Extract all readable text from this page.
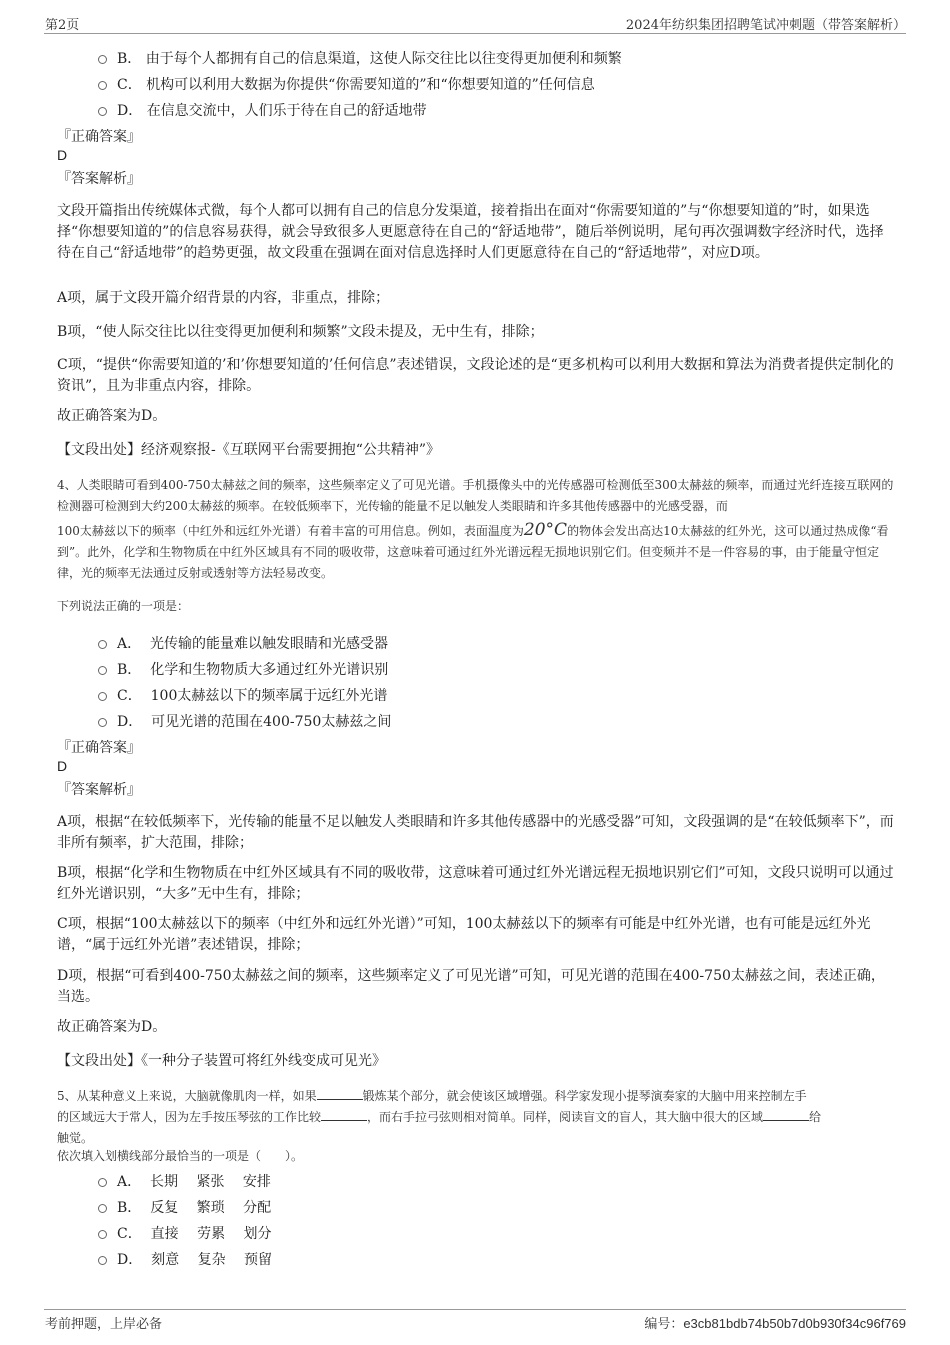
第2页	2024年纺织集团招聘笔试冲刺题（带答案解析）
B．
由于每个人都拥有自己的信息渠道，这使人际交往比以往变得更加便利和频繁
C．
机构可以利用大数据为你提供“你需要知道的”和“你想要知道的”任何信息
D．
在信息交流中，人们乐于待在自己的舒适地带
『正确答案』
D
『答案解析』
文段开篇指出传统媒体式微，每个人都可以拥有自己的信息分发渠道，接着指出在面对“你需要知道的”与“你想要知道的”时，如果选择“你想要知道的”的信息容易获得，就会导致很多人更愿意待在自己的“舒适地带”，随后举例说明，尾句再次强调数字经济时代，选择待在自己“舒适地带”的趋势更强，故文段重在强调在面对信息选择时人们更愿意待在自己的“舒适地带”，对应D项。
A项，属于文段开篇介绍背景的内容，非重点，排除；
B项，“使人际交往比以往变得更加便利和频繁”文段未提及，无中生有，排除；
C项，“提供“你需要知道的’和’你想要知道的’任何信息”表述错误，文段论述的是“更多机构可以利用大数据和算法为消费者提供定制化的资讯”，且为非重点内容，排除。
故正确答案为D。
【文段出处】经济观察报-《互联网平台需要拥抱“公共精神”》
4、人类眼睛可看到400-750太赫兹之间的频率，这些频率定义了可见光谱。手机摄像头中的光传感器可检测低至300太赫兹的频率，而通过光纤连接互联网的检测器可检测到大约200太赫兹的频率。在较低频率下，光传输的能量不足以触发人类眼睛和许多其他传感器中的光感受器，而
100太赫兹以下的频率（中红外和远红外光谱）有着丰富的可用信息。例如，表面温度为20°C的物体会发出高达10太赫兹的红外光，这可以通过热成像“看到”。此外，化学和生物物质在中红外区域具有不同的吸收带，这意味着可通过红外光谱远程无损地识别它们。但变频并不是一件容易的事，由于能量守恒定律，光的频率无法通过反射或透射等方法轻易改变。
下列说法正确的一项是：
A．
光传输的能量难以触发眼睛和光感受器
B．
化学和生物物质大多通过红外光谱识别
C．
100太赫兹以下的频率属于远红外光谱
D．
可见光谱的范围在400-750太赫兹之间
『正确答案』
D
『答案解析』
A项，根据“在较低频率下，光传输的能量不足以触发人类眼睛和许多其他传感器中的光感受器”可知，文段强调的是“在较低频率下”，而非所有频率，扩大范围，排除；
B项，根据“化学和生物物质在中红外区域具有不同的吸收带，这意味着可通过红外光谱远程无损地识别它们”可知，文段只说明可以通过红外光谱识别，“大多”无中生有，排除；
C项，根据“100太赫兹以下的频率（中红外和远红外光谱）”可知，100太赫兹以下的频率有可能是中红外光谱，也有可能是远红外光谱，“属于远红外光谱”表述错误，排除；
D项，根据“可看到400-750太赫兹之间的频率，这些频率定义了可见光谱”可知，可见光谱的范围在400-750太赫兹之间，表述正确，当选。
故正确答案为D。
【文段出处】《一种分子装置可将红外线变成可见光》
5、从某种意义上来说，大脑就像肌肉一样，如果	锻炼某个部分，就会使该区域增强。科学家发现小提琴演奏家的大脑中用来控制左手
的区域远大于常人，因为左手按压琴弦的工作比较	，而右手拉弓弦则相对简单。同样，阅读盲文的盲人，其大脑中很大的区域	给
触觉。
依次填入划横线部分最恰当的一项是（　　）。
A．
长期　 紧张　 安排
B．
反复　 繁琐　 分配
C．
直接　 劳累　 划分
D．
刻意　 复杂　 预留
考前押题，上岸必备	编号：e3cb81bdb74b50b7d0b930f34c96f769
